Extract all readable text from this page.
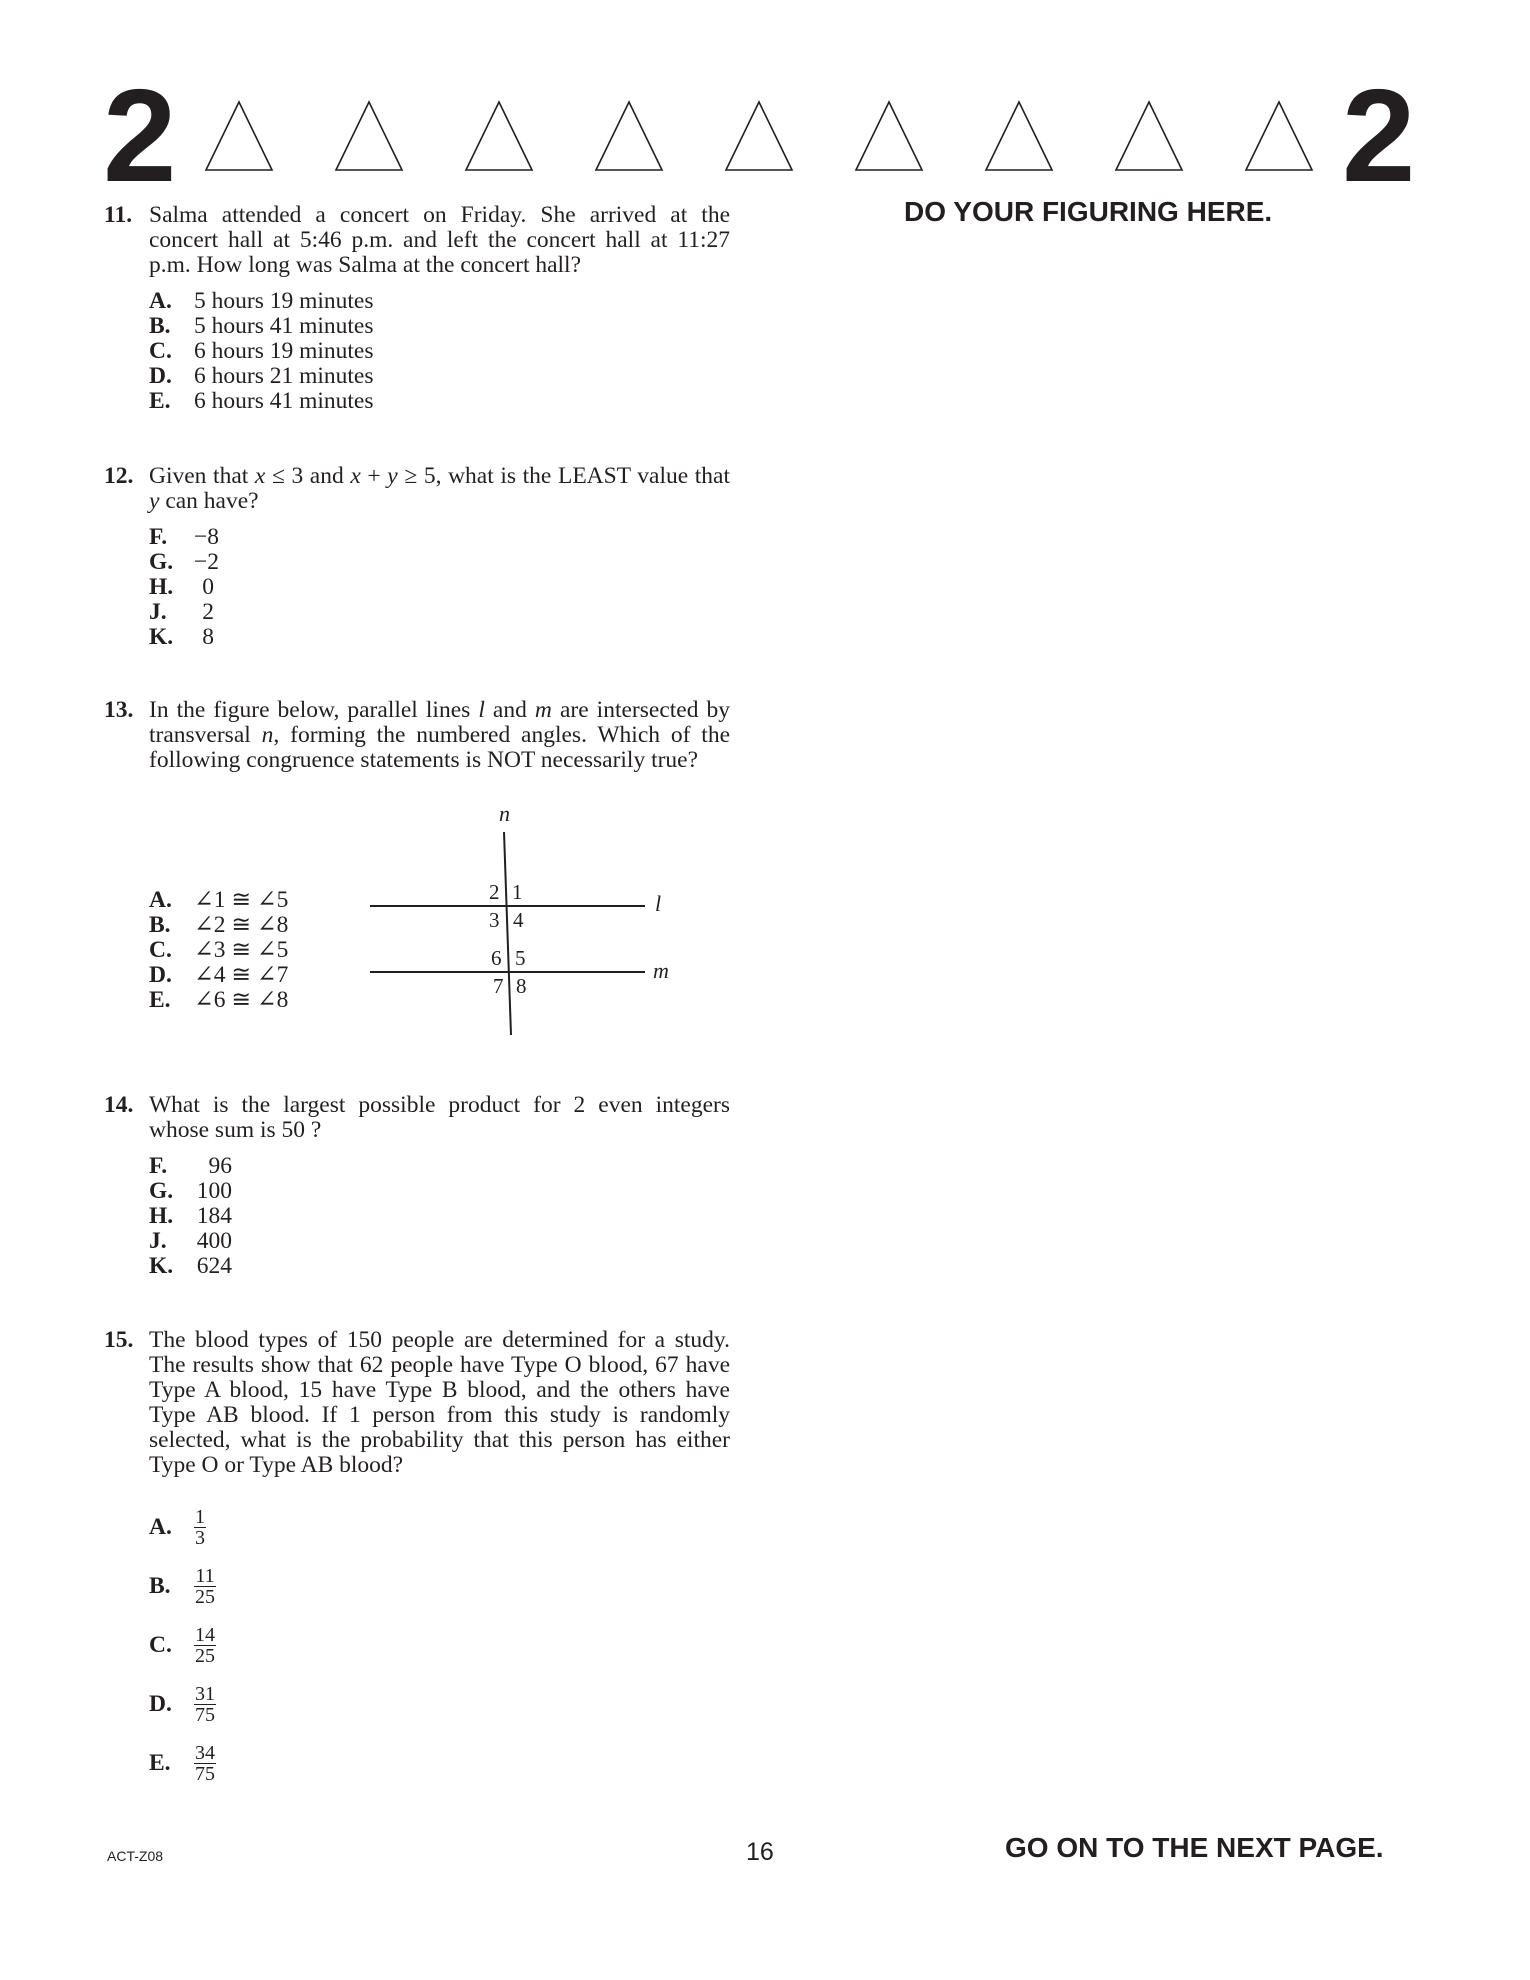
2	2
DO YOUR FIGURING HERE.
11. Salma attended a concert on Friday. She arrived at the concert hall at 5:46 p.m. and left the concert hall at 11:27 p.m. How long was Salma at the concert hall?
A. 5 hours 19 minutes
B. 5 hours 41 minutes
C. 6 hours 19 minutes
D. 6 hours 21 minutes
E. 6 hours 41 minutes
12. Given that x ≤ 3 and x + y ≥ 5, what is the LEAST value that y can have?
F.	−8
G. −2
H.	0
J.	2
K.	8
13. In the figure below, parallel lines l and m are intersected by transversal n, forming the numbered angles. Which of the following congruence statements is NOT necessarily true?
A. ∠1 ≅ ∠5
B. ∠2 ≅ ∠8
C. ∠3 ≅ ∠5
D. ∠4 ≅ ∠7
E. ∠6 ≅ ∠8
n
l
m
2 1
3 4
6 5
7 8
14. What is the largest possible product for 2 even integers whose sum is 50 ?
F.	96
G.	100
H.	184
J.	400
K.	624
15. The blood types of 150 people are determined for a study. The results show that 62 people have Type O blood, 67 have Type A blood, 15 have Type B blood, and the others have Type AB blood. If 1 person from this study is randomly selected, what is the probability that this person has either Type O or Type AB blood?
A.	$\frac{1}{3}$
B.	$\frac{11}{25}$
C.	$\frac{14}{25}$
D.	$\frac{31}{75}$
E.	$\frac{34}{75}$
ACT-Z08	16	GO ON TO THE NEXT PAGE.
